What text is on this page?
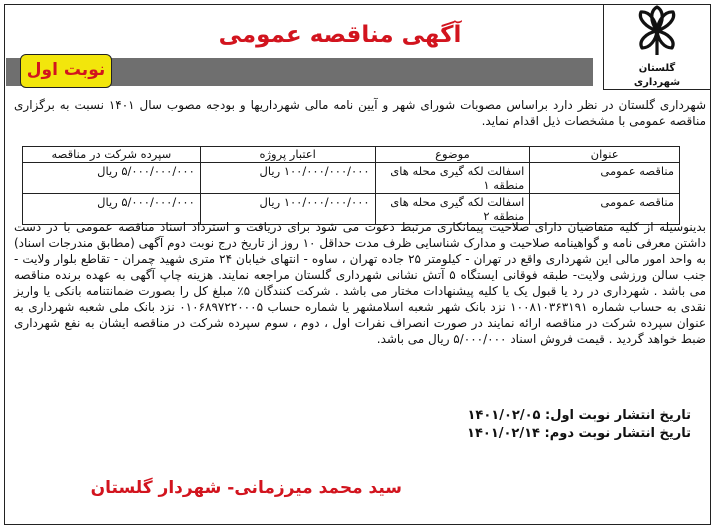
گلستان
شهرداری
آگهی مناقصه عمومی
نوبت اول

شهرداری گلستان در نظر دارد براساس مصوبات شورای شهر و آیین نامه مالی شهرداریها و بودجه مصوب سال ۱۴۰۱ نسبت به برگزاری مناقصه عمومی با مشخصات ذیل اقدام نماید.

عنوان	موضوع	اعتبار پروژه	سپرده شرکت در مناقصه
مناقصه عمومی	اسفالت لکه گیری محله های منطقه ۱	۱۰۰/۰۰۰/۰۰۰/۰۰۰ ریال	۵/۰۰۰/۰۰۰/۰۰۰ ریال
مناقصه عمومی	اسفالت لکه گیری محله های منطقه ۲	۱۰۰/۰۰۰/۰۰۰/۰۰۰ ریال	۵/۰۰۰/۰۰۰/۰۰۰ ریال

بدینوسیله از کلیه متقاضیان دارای صلاحیت پیمانکاری مرتبط دعوت می شود برای دریافت و استرداد اسناد مناقصه عمومی با در دست داشتن معرفی نامه و گواهینامه صلاحیت و مدارک شناسایی ظرف مدت حداقل ۱۰ روز از تاریخ درج نوبت دوم آگهی (مطابق مندرجات اسناد) به واحد امور مالی این شهرداری واقع در تهران - کیلومتر ۲۵ جاده تهران ، ساوه - انتهای خیابان ۲۴ متری شهید چمران - تقاطع بلوار ولایت - جنب سالن ورزشی ولایت- طبقه فوقانی ایستگاه ۵ آتش نشانی شهرداری گلستان مراجعه نمایند. هزینه چاپ آگهی به عهده برنده مناقصه می باشد . شهرداری در رد یا قبول یک یا کلیه پیشنهادات مختار می باشد . شرکت کنندگان ۵٪ مبلغ کل را بصورت ضمانتنامه بانکی یا واریز نقدی به حساب شماره ۱۰۰۸۱۰۳۶۳۱۹۱ نزد بانک شهر شعبه اسلامشهر یا شماره حساب ۰۱۰۶۸۹۷۲۲۰۰۰۵ نزد بانک ملی شعبه شهرداری به عنوان سپرده شرکت در مناقصه ارائه نمایند در صورت انصراف نفرات اول ، دوم ، سوم سپرده شرکت در مناقصه ایشان به نفع شهرداری ضبط خواهد گردید . قیمت فروش اسناد ۵/۰۰۰/۰۰۰ ریال می باشد.

تاریخ انتشار نوبت اول: ۱۴۰۱/۰۲/۰۵
تاریخ انتشار نوبت دوم: ۱۴۰۱/۰۲/۱۴
سید محمد میرزمانی- شهردار گلستان
